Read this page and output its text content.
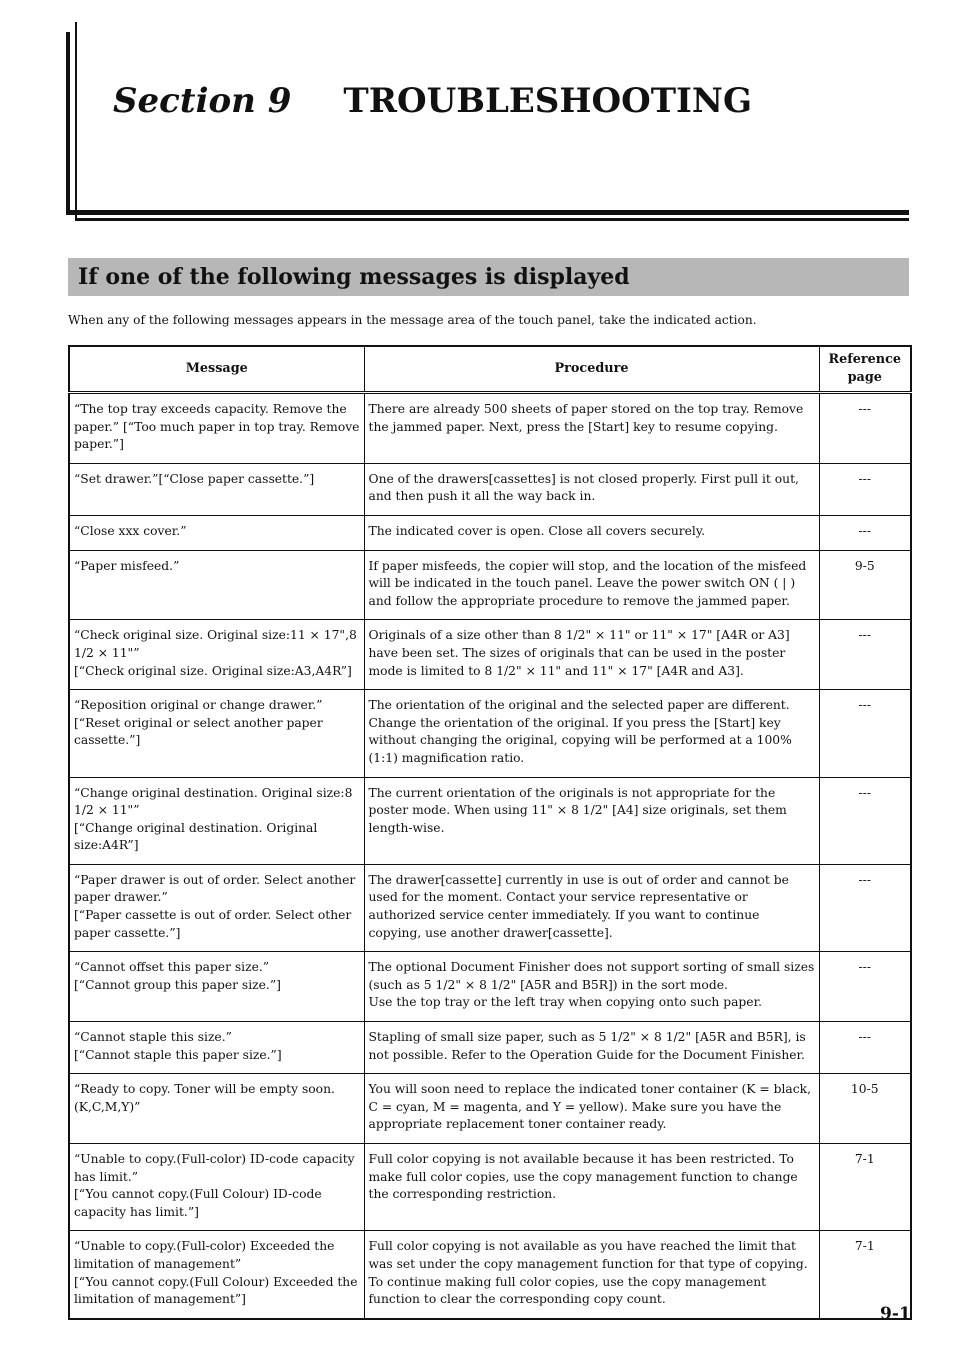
Section 9 TROUBLESHOOTING
If one of the following messages is displayed
When any of the following messages appears in the message area of the touch panel, take the indicated action.
Message	Procedure	Reference page
“The top tray exceeds capacity. Remove the paper.” [“Too much paper in top tray. Remove paper.”]	There are already 500 sheets of paper stored on the top tray. Remove the jammed paper. Next, press the [Start] key to resume copying.	---
“Set drawer.”[“Close paper cassette.”]	One of the drawers[cassettes] is not closed properly. First pull it out, and then push it all the way back in.	---
“Close xxx cover.”	The indicated cover is open. Close all covers securely.	---
“Paper misfeed.”	If paper misfeeds, the copier will stop, and the location of the misfeed will be indicated in the touch panel. Leave the power switch ON ( | ) and follow the appropriate procedure to remove the jammed paper.	9-5
“Check original size. Original size:11 × 17",8 1/2 × 11"”
[“Check original size. Original size:A3,A4R”]	Originals of a size other than 8 1/2" × 11" or 11" × 17" [A4R or A3] have been set. The sizes of originals that can be used in the poster mode is limited to 8 1/2" × 11" and 11" × 17" [A4R and A3].	---
“Reposition original or change drawer.”
[“Reset original or select another paper cassette.”]	The orientation of the original and the selected paper are different. Change the orientation of the original. If you press the [Start] key without changing the original, copying will be performed at a 100% (1:1) magnification ratio.	---
“Change original destination. Original size:8 1/2 × 11"”
[“Change original destination. Original size:A4R”]	The current orientation of the originals is not appropriate for the poster mode. When using 11" × 8 1/2" [A4] size originals, set them length-wise.	---
“Paper drawer is out of order. Select another paper drawer.”
[“Paper cassette is out of order. Select other paper cassette.”]	The drawer[cassette] currently in use is out of order and cannot be used for the moment. Contact your service representative or authorized service center immediately. If you want to continue copying, use another drawer[cassette].	---
“Cannot offset this paper size.”
[“Cannot group this paper size.”]	The optional Document Finisher does not support sorting of small sizes (such as 5 1/2" × 8 1/2" [A5R and B5R]) in the sort mode.
Use the top tray or the left tray when copying onto such paper.	---
“Cannot staple this size.”
[“Cannot staple this paper size.”]	Stapling of small size paper, such as 5 1/2" × 8 1/2" [A5R and B5R], is not possible. Refer to the Operation Guide for the Document Finisher.	---
“Ready to copy. Toner will be empty soon.(K,C,M,Y)”	You will soon need to replace the indicated toner container (K = black, C = cyan, M = magenta, and Y = yellow). Make sure you have the appropriate replacement toner container ready.	10-5
“Unable to copy.(Full-color) ID-code capacity has limit.”
[“You cannot copy.(Full Colour) ID-code capacity has limit.”]	Full color copying is not available because it has been restricted. To make full color copies, use the copy management function to change the corresponding restriction.	7-1
“Unable to copy.(Full-color) Exceeded the limitation of management”
[“You cannot copy.(Full Colour) Exceeded the limitation of management”]	Full color copying is not available as you have reached the limit that was set under the copy management function for that type of copying. To continue making full color copies, use the copy management function to clear the corresponding copy count.	7-1
9-1
